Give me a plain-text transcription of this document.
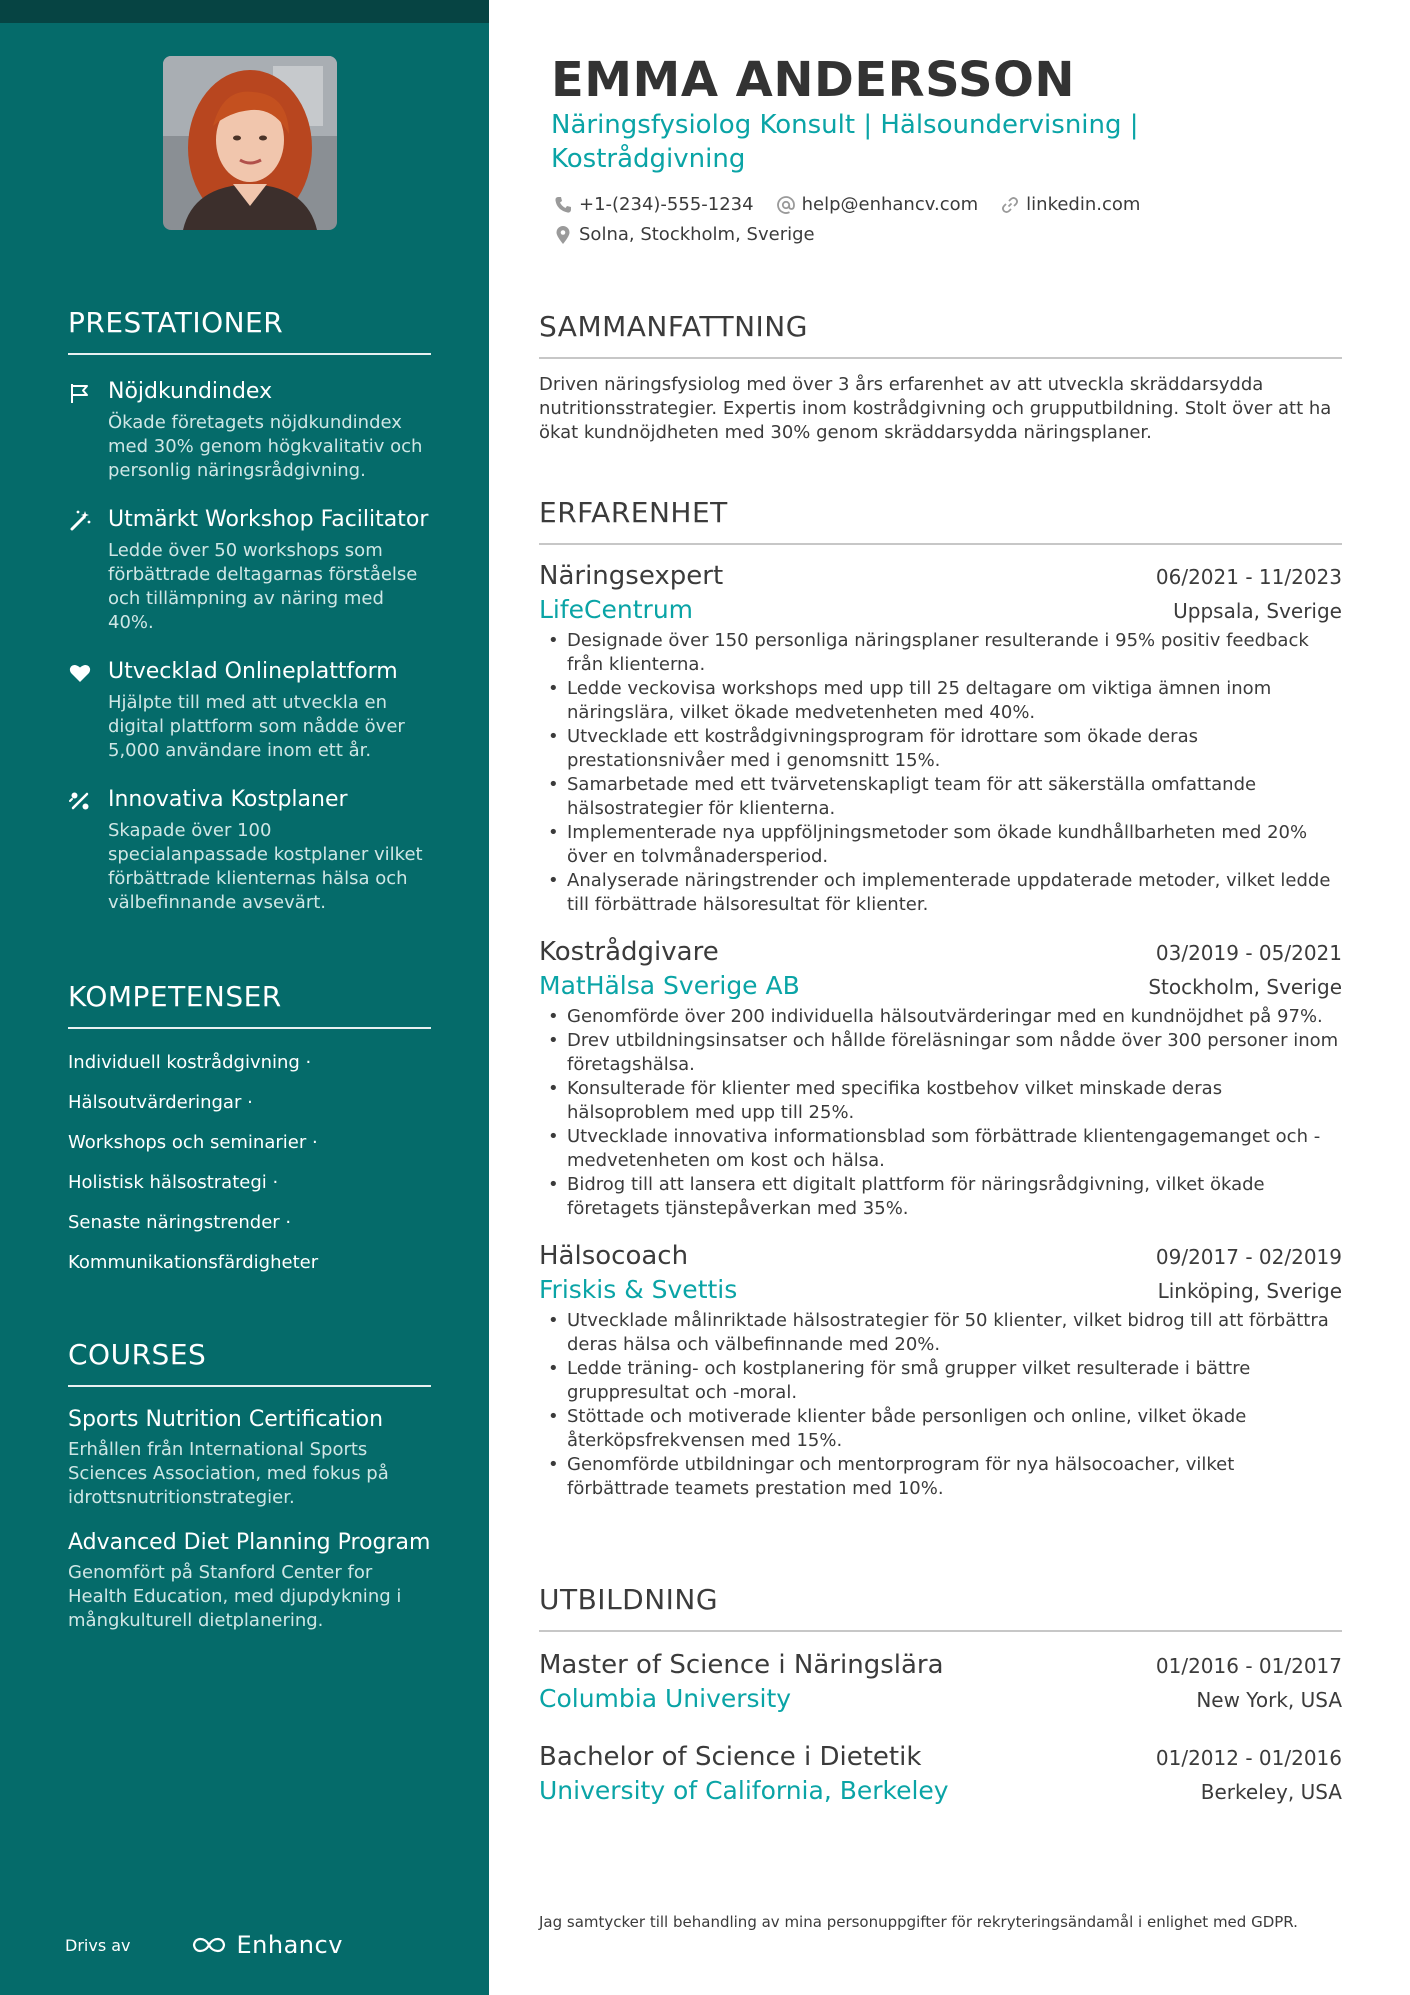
PRESTATIONER
Nöjdkundindex
Ökade företagets nöjdkundindex med 30% genom högkvalitativ och personlig näringsrådgivning.
Utmärkt Workshop Facilitator
Ledde över 50 workshops som förbättrade deltagarnas förståelse och tillämpning av näring med 40%.
Utvecklad Onlineplattform
Hjälpte till med att utveckla en digital plattform som nådde över 5,000 användare inom ett år.
Innovativa Kostplaner
Skapade över 100 specialanpassade kostplaner vilket förbättrade klienternas hälsa och välbefinnande avsevärt.
KOMPETENSER
Individuell kostrådgivning ·
Hälsoutvärderingar ·
Workshops och seminarier ·
Holistisk hälsostrategi ·
Senaste näringstrender ·
Kommunikationsfärdigheter
COURSES
Sports Nutrition Certification
Erhållen från International Sports Sciences Association, med fokus på idrottsnutritionstrategier.
Advanced Diet Planning Program
Genomfört på Stanford Center for Health Education, med djupdykning i mångkulturell dietplanering.
Drivs av	Enhancv
EMMA ANDERSSON
Näringsfysiolog Konsult | Hälsoundervisning | Kostrådgivning
+1-(234)-555-1234	help@enhancv.com	linkedin.com
Solna, Stockholm, Sverige
SAMMANFATTNING

Driven näringsfysiolog med över 3 års erfarenhet av att utveckla skräddarsydda nutritionsstrategier. Expertis inom kostrådgivning och grupputbildning. Stolt över att ha ökat kundnöjdheten med 30% genom skräddarsydda näringsplaner.

ERFARENHET
Näringsexpert	06/2021 - 11/2023
LifeCentrum	Uppsala, Sverige
• Designade över 150 personliga näringsplaner resulterande i 95% positiv feedback från klienterna.
• Ledde veckovisa workshops med upp till 25 deltagare om viktiga ämnen inom näringslära, vilket ökade medvetenheten med 40%.
• Utvecklade ett kostrådgivningsprogram för idrottare som ökade deras prestationsnivåer med i genomsnitt 15%.
• Samarbetade med ett tvärvetenskapligt team för att säkerställa omfattande hälsostrategier för klienterna.
• Implementerade nya uppföljningsmetoder som ökade kundhållbarheten med 20% över en tolvmånadersperiod.
• Analyserade näringstrender och implementerade uppdaterade metoder, vilket ledde till förbättrade hälsoresultat för klienter.
Kostrådgivare	03/2019 - 05/2021
MatHälsa Sverige AB	Stockholm, Sverige
• Genomförde över 200 individuella hälsoutvärderingar med en kundnöjdhet på 97%.
• Drev utbildningsinsatser och hållde föreläsningar som nådde över 300 personer inom företagshälsa.
• Konsulterade för klienter med specifika kostbehov vilket minskade deras hälsoproblem med upp till 25%.
• Utvecklade innovativa informationsblad som förbättrade klientengagemanget och -medvetenheten om kost och hälsa.
• Bidrog till att lansera ett digitalt plattform för näringsrådgivning, vilket ökade företagets tjänstepåverkan med 35%.
Hälsocoach	09/2017 - 02/2019
Friskis & Svettis	Linköping, Sverige
• Utvecklade målinriktade hälsostrategier för 50 klienter, vilket bidrog till att förbättra deras hälsa och välbefinnande med 20%.
• Ledde träning- och kostplanering för små grupper vilket resulterade i bättre gruppresultat och -moral.
• Stöttade och motiverade klienter både personligen och online, vilket ökade återköpsfrekvensen med 15%.
• Genomförde utbildningar och mentorprogram för nya hälsocoacher, vilket förbättrade teamets prestation med 10%.
UTBILDNING
Master of Science i Näringslära	01/2016 - 01/2017
Columbia University	New York, USA
Bachelor of Science i Dietetik	01/2012 - 01/2016
University of California, Berkeley	Berkeley, USA
Jag samtycker till behandling av mina personuppgifter för rekryteringsändamål i enlighet med GDPR.
